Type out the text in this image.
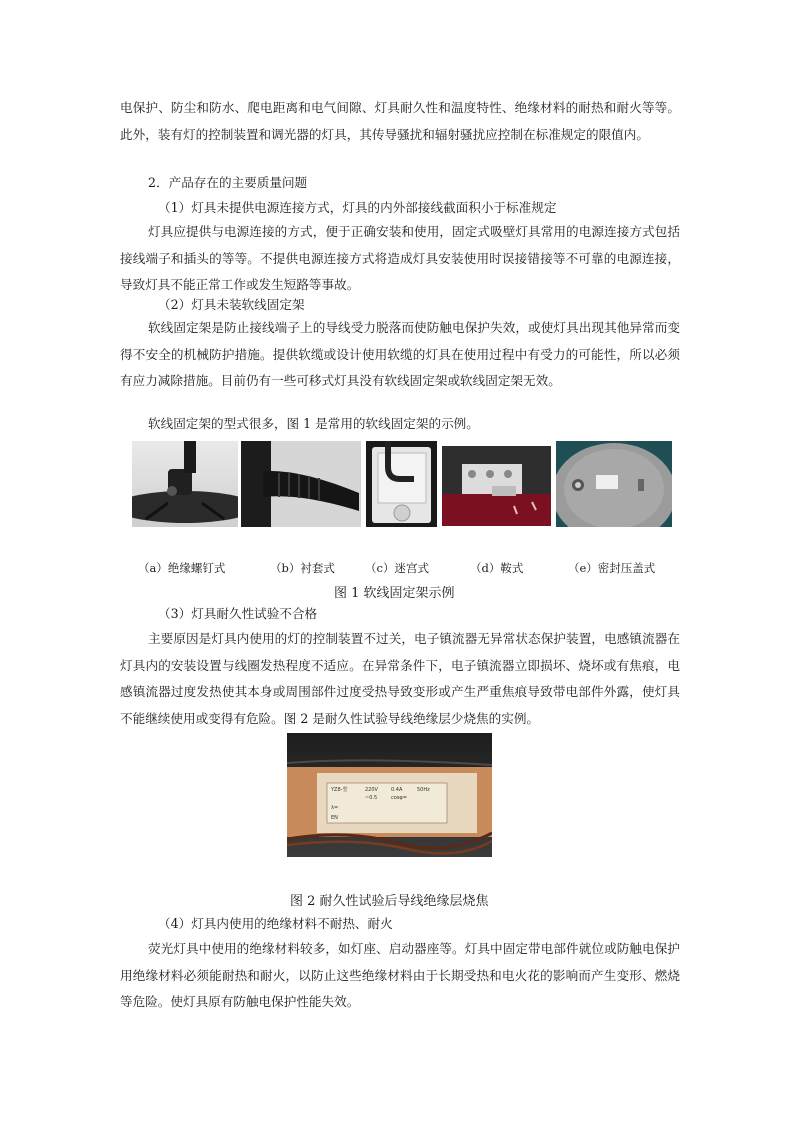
电保护、防尘和防水、爬电距离和电气间隙、灯具耐久性和温度特性、绝缘材料的耐热和耐火等等。此外，装有灯的控制装置和调光器的灯具，其传导骚扰和辐射骚扰应控制在标准规定的限值内。

2．产品存在的主要质量问题

（1）灯具未提供电源连接方式，灯具的内外部接线截面积小于标准规定

灯具应提供与电源连接的方式，便于正确安装和使用，固定式吸壁灯具常用的电源连接方式包括接线端子和插头的等等。不提供电源连接方式将造成灯具安装使用时误接错接等不可靠的电源连接，导致灯具不能正常工作或发生短路等事故。

（2）灯具未装软线固定架

软线固定架是防止接线端子上的导线受力脱落而使防触电保护失效，或使灯具出现其他异常而变得不安全的机械防护措施。提供软缆或设计使用软缆的灯具在使用过程中有受力的可能性，所以必须有应力减除措施。目前仍有一些可移式灯具没有软线固定架或软线固定架无效。

软线固定架的型式很多，图 1 是常用的软线固定架的示例。

（a）绝缘螺钉式	（b）衬套式	（c）迷宫式	（d）鞍式	（e）密封压盖式
图 1 软线固定架示例

（3）灯具耐久性试验不合格

主要原因是灯具内使用的灯的控制装置不过关，电子镇流器无异常状态保护装置，电感镇流器在灯具内的安装设置与线圈发热程度不适应。在异常条件下，电子镇流器立即损坏、烧坏或有焦痕，电感镇流器过度发热使其本身或周围部件过度受热导致变形或产生严重焦痕导致带电部件外露，使灯具不能继续使用或变得有危险。图 2 是耐久性试验导线绝缘层少烧焦的实例。

YZ8-型	220V	0.4A	50Hz
~0.5	cosφ=
λ=
EN
图 2 耐久性试验后导线绝缘层烧焦

（4）灯具内使用的绝缘材料不耐热、耐火

荧光灯具中使用的绝缘材料较多，如灯座、启动器座等。灯具中固定带电部件就位或防触电保护用绝缘材料必须能耐热和耐火，以防止这些绝缘材料由于长期受热和电火花的影响而产生变形、燃烧等危险。使灯具原有防触电保护性能失效。
